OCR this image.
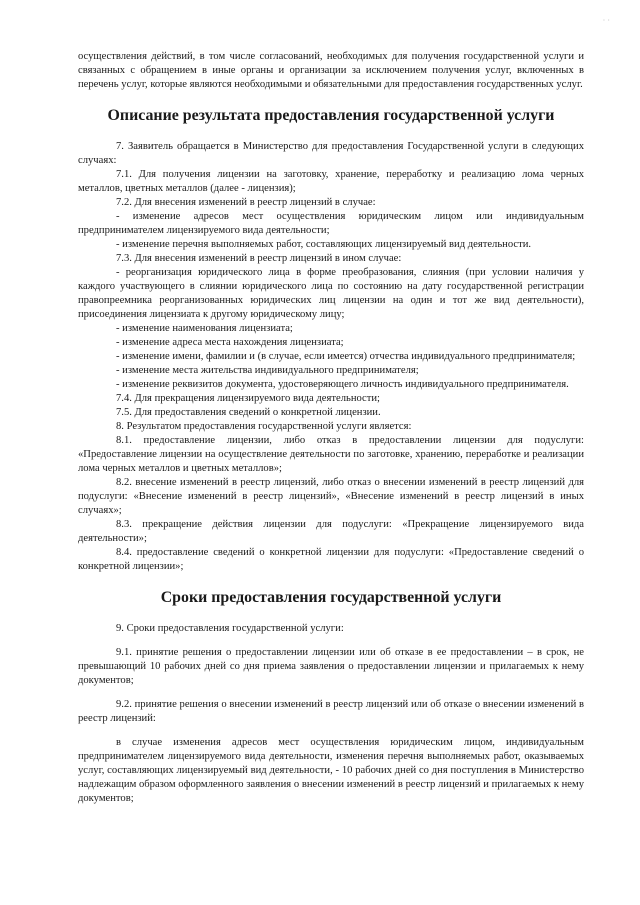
· ·

осуществления действий, в том числе согласований, необходимых для получения государственной услуги и связанных с обращением в иные органы и организации за исключением получения услуг, включенных в перечень услуг, которые являются необходимыми и обязательными для предоставления государственных услуг.

Описание результата предоставления государственной услуги

7. Заявитель обращается в Министерство для предоставления Государственной услуги в следующих случаях:

7.1. Для получения лицензии на заготовку, хранение, переработку и реализацию лома черных металлов, цветных металлов (далее - лицензия);

7.2. Для внесения изменений в реестр лицензий в случае:

- изменение адресов мест осуществления юридическим лицом или индивидуальным предпринимателем лицензируемого вида деятельности;

- изменение перечня выполняемых работ, составляющих лицензируемый вид деятельности.

7.3. Для внесения изменений в реестр лицензий в ином случае:

- реорганизация юридического лица в форме преобразования, слияния (при условии наличия у каждого участвующего в слиянии юридического лица по состоянию на дату государственной регистрации правопреемника реорганизованных юридических лиц лицензии на один и тот же вид деятельности), присоединения лицензиата к другому юридическому лицу;

- изменение наименования лицензиата;

- изменение адреса места нахождения лицензиата;

- изменение имени, фамилии и (в случае, если имеется) отчества индивидуального предпринимателя;

- изменение места жительства индивидуального предпринимателя;

- изменение реквизитов документа, удостоверяющего личность индивидуального предпринимателя.

7.4. Для прекращения лицензируемого вида деятельности;

7.5. Для предоставления сведений о конкретной лицензии.

8. Результатом предоставления государственной услуги является:

8.1. предоставление лицензии, либо отказ в предоставлении лицензии для подуслуги: «Предоставление лицензии на осуществление деятельности по заготовке, хранению, переработке и реализации лома черных металлов и цветных металлов»;

8.2. внесение изменений в реестр лицензий, либо отказ о внесении изменений в реестр лицензий для подуслуги: «Внесение изменений в реестр лицензий», «Внесение изменений в реестр лицензий в иных случаях»;

8.3. прекращение действия лицензии для подуслуги: «Прекращение лицензируемого вида деятельности»;

8.4. предоставление сведений о конкретной лицензии для подуслуги: «Предоставление сведений о конкретной лицензии»;

Сроки предоставления государственной услуги

9. Сроки предоставления государственной услуги:

9.1. принятие решения о предоставлении лицензии или об отказе в ее предоставлении – в срок, не превышающий 10 рабочих дней со дня приема заявления о предоставлении лицензии и прилагаемых к нему документов;

9.2. принятие решения о внесении изменений в реестр лицензий или об отказе о внесении изменений в реестр лицензий:

в случае изменения адресов мест осуществления юридическим лицом, индивидуальным предпринимателем лицензируемого вида деятельности, изменения перечня выполняемых работ, оказываемых услуг, составляющих лицензируемый вид деятельности, - 10 рабочих дней со дня поступления в Министерство надлежащим образом оформленного заявления о внесении изменений в реестр лицензий и прилагаемых к нему документов;
